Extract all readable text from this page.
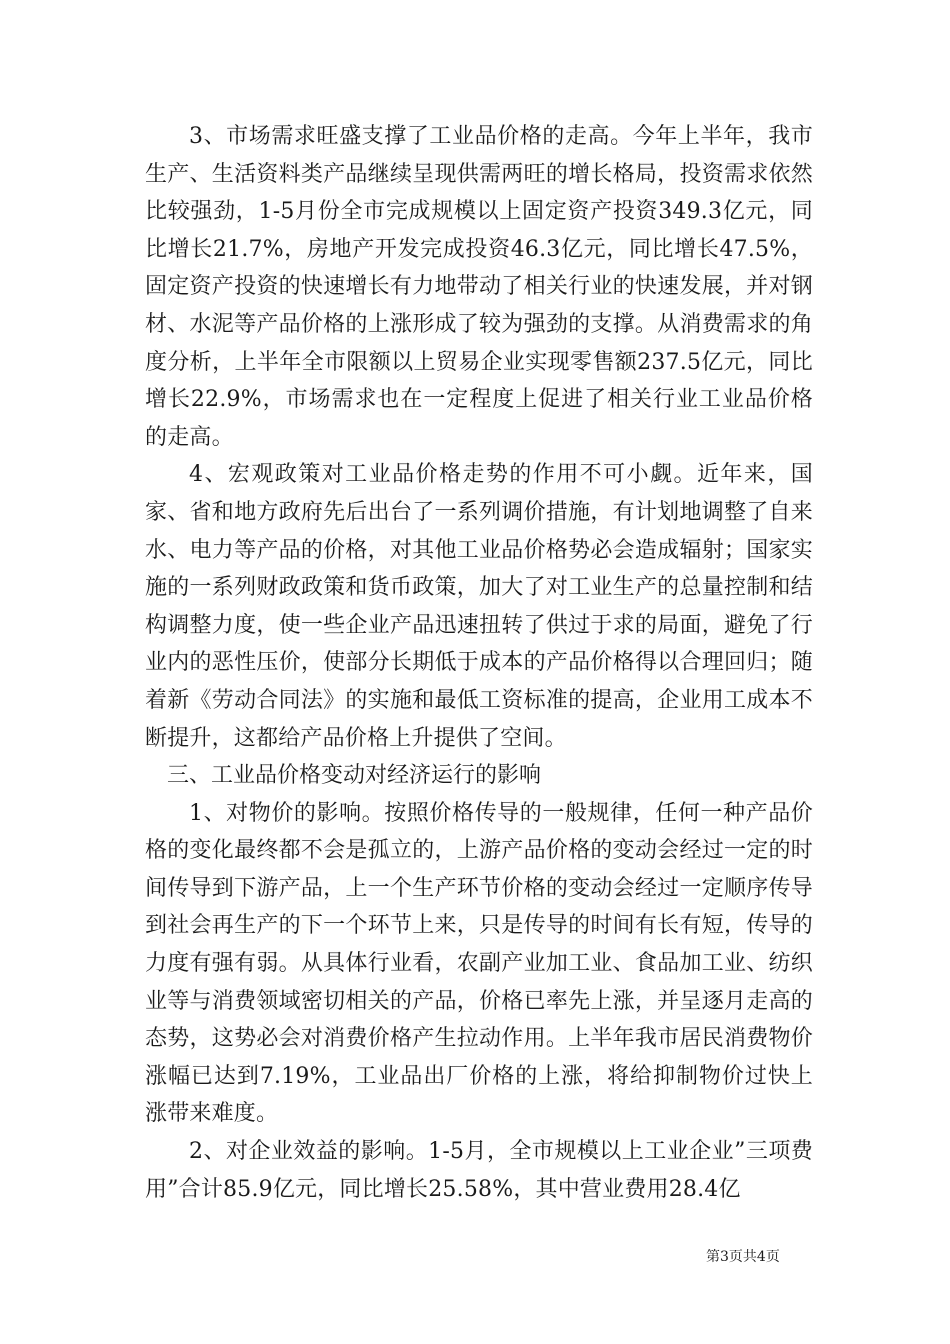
3、市场需求旺盛支撑了工业品价格的走高。今年上半年，我市生产、生活资料类产品继续呈现供需两旺的增长格局，投资需求依然比较强劲，1-5月份全市完成规模以上固定资产投资349.3亿元，同比增长21.7%，房地产开发完成投资46.3亿元，同比增长47.5%，固定资产投资的快速增长有力地带动了相关行业的快速发展，并对钢材、水泥等产品价格的上涨形成了较为强劲的支撑。从消费需求的角度分析，上半年全市限额以上贸易企业实现零售额237.5亿元，同比增长22.9%，市场需求也在一定程度上促进了相关行业工业品价格的走高。

4、宏观政策对工业品价格走势的作用不可小觑。近年来，国家、省和地方政府先后出台了一系列调价措施，有计划地调整了自来水、电力等产品的价格，对其他工业品价格势必会造成辐射；国家实施的一系列财政政策和货币政策，加大了对工业生产的总量控制和结构调整力度，使一些企业产品迅速扭转了供过于求的局面，避免了行业内的恶性压价，使部分长期低于成本的产品价格得以合理回归；随着新《劳动合同法》的实施和最低工资标准的提高，企业用工成本不断提升，这都给产品价格上升提供了空间。

三、工业品价格变动对经济运行的影响

1、对物价的影响。按照价格传导的一般规律，任何一种产品价格的变化最终都不会是孤立的，上游产品价格的变动会经过一定的时间传导到下游产品，上一个生产环节价格的变动会经过一定顺序传导到社会再生产的下一个环节上来，只是传导的时间有长有短，传导的力度有强有弱。从具体行业看，农副产业加工业、食品加工业、纺织业等与消费领域密切相关的产品，价格已率先上涨，并呈逐月走高的态势，这势必会对消费价格产生拉动作用。上半年我市居民消费物价涨幅已达到7.19%，工业品出厂价格的上涨，将给抑制物价过快上涨带来难度。

2、对企业效益的影响。1-5月，全市规模以上工业企业”三项费用”合计85.9亿元，同比增长25.58%，其中营业费用28.4亿

第3页共4页
